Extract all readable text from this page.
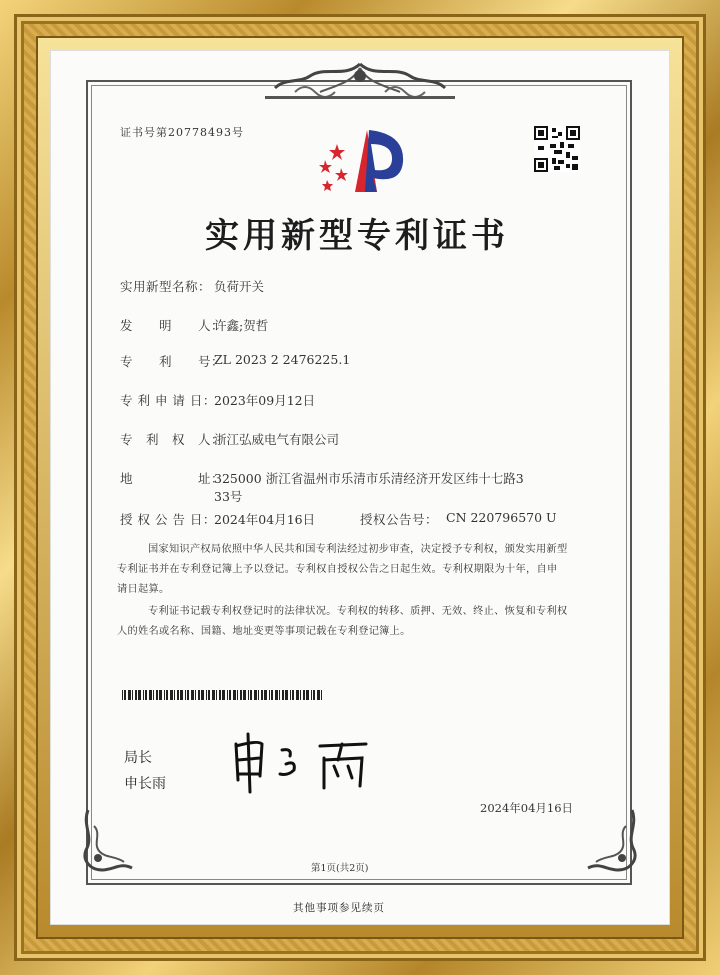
证书号第20778493号
实用新型专利证书
实用新型名称： 负荷开关
发　　明　　人：
许鑫;贺哲
专　　利　　号：
ZL 2023 2 2476225.1
专 利 申 请 日：
2023年09月12日
专　利　权　人：
浙江弘威电气有限公司
地　　　　　址：
325000 浙江省温州市乐清市乐清经济开发区纬十七路3
33号
授 权 公 告 日：
2024年04月16日	授权公告号： CN 220796570 U
国家知识产权局依照中华人民共和国专利法经过初步审查，决定授予专利权，颁发实用新型
专利证书并在专利登记簿上予以登记。专利权自授权公告之日起生效。专利权期限为十年，自申
请日起算。
专利证书记载专利权登记时的法律状况。专利权的转移、质押、无效、终止、恢复和专利权
人的姓名或名称、国籍、地址变更等事项记载在专利登记簿上。
局长
申长雨
2024年04月16日
第1页(共2页)
其他事项参见续页
